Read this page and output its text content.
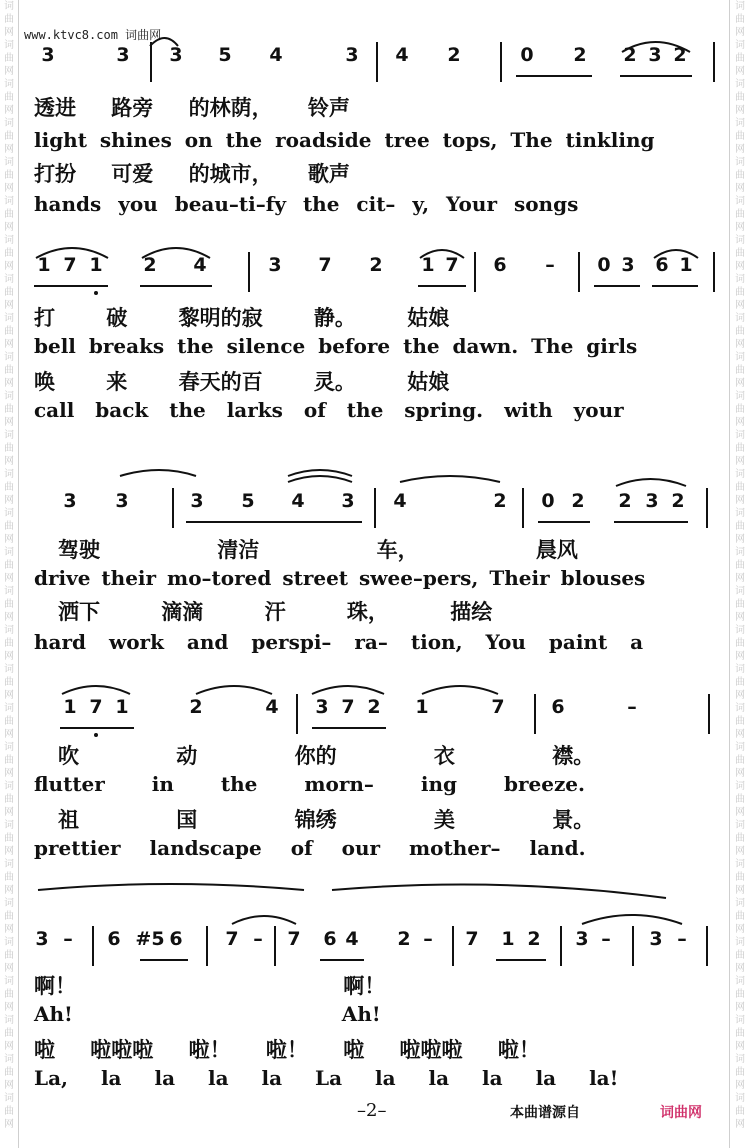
词曲网词曲网词曲网词曲网词曲网词曲网词曲网词曲网词曲网词曲网词曲网词曲网词曲网词曲网词曲网词曲网词曲网词曲网词曲网词曲网词曲网词曲网词曲网词曲网词曲网词曲网词曲网词曲网词曲网
词曲网词曲网词曲网词曲网词曲网词曲网词曲网词曲网词曲网词曲网词曲网词曲网词曲网词曲网词曲网词曲网词曲网词曲网词曲网词曲网词曲网词曲网词曲网词曲网词曲网词曲网词曲网词曲网词曲网
www.ktvc8.com 词曲网
3	3 3 5 4	3 4 2	0 2 2 3 2
透进 路旁 的林荫， 铃声
light shines on the roadside tree tops, The tinkling
打扮 可爱 的城市， 歌声
hands you beau–ti–fy the cit– y, Your songs
1 7 1 2 4	3 7 2 1 7 6 – 0 3 6 1
打 破 黎明的寂 静。 姑娘
bell breaks the silence before the dawn. The girls
唤 来 春天的百 灵。 姑娘
call back the larks of the spring. with your
3 3	3 5 4 3 4	2 0 2 2 3 2
驾驶 清洁 车， 晨风
drive their mo–tored street swee–pers, Their blouses
洒下 滴滴 汗 珠， 描绘
hard work and perspi– ra– tion, You paint a
1 7 1	2	4 3 7 2 1	7 6	–
吹 动 你的 衣 襟。
flutter in the morn– ing breeze.
祖 国 锦绣 美 景。
prettier landscape of our mother– land.
3 – 6 #5 6 7 – 7 6 4 2 – 7 1 2 3 – 3 –
啊！ 啊！
Ah! Ah!
啦 啦啦啦 啦！ 啦！ 啦 啦啦啦 啦！
La, la la la la La la la la la la!
–2–	本曲谱源自	词曲网
